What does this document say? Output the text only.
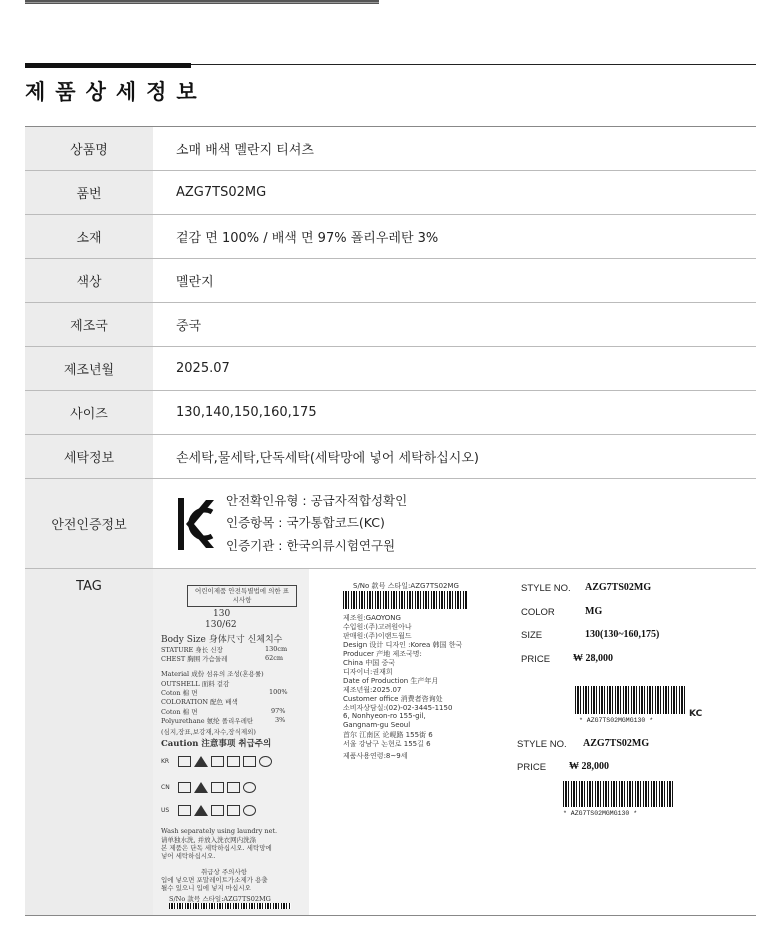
제품상세정보
상품명	소매 배색 멜란지 티셔츠
품번	AZG7TS02MG
소재	겉감 면 100% / 배색 면 97% 폴리우레탄 3%
색상	멜란지
제조국	중국
제조년월	2025.07
사이즈	130,140,150,160,175
세탁정보	손세탁,물세탁,단독세탁(세탁망에 넣어 세탁하십시오)
안전인증정보
안전확인유형 : 공급자적합성확인
인증항목 : 국가통합코드(KC)
인증기관 : 한국의류시험연구원
TAG	어린이제품 안전특별법에 의한 표시사항
130
130/62
Body Size 身体尺寸 신체치수
STATURE 身长 신장	130cm
CHEST 胸围 가슴둘레	62cm
Material 成份 섬유의 조성(혼용률)
OUTSHELL 面料 겉감
Coton 棉 면	100%
COLORATION 配色 배색
Coton 棉 면	97%
Polyurethane 氨纶 폴리우레탄	3%
(심지,장표,보강재,자수,장식제외)
Caution 注意事项 취급주의
KR
CN
US
Wash separately using laundry net.
请单独水洗, 并放入洗衣网内洗涤
본 제품은 단독 세탁하십시오. 세탁망에
넣어 세탁하십시오.
취급상 주의사항
입에 넣으면 포말레이트가소제가 용출
될수 있으니 입에 넣지 마십시오
S/No 款号 스타일:AZG7TS02MG
S/No 款号 스타일:AZG7TS02MG
제조원:GAOYONG
수입원:(주)고려원아나
판매원:(주)이랜드월드
Design 设计 디자인 :Korea 韩国 한국
Producer 产地 제조국명:
China 中国 중국
디자이너:권재희
Date of Production 生产年月
제조년월:2025.07
Customer office 消费者咨询处
소비자상담실:(02)-02-3445-1150
6, Nonhyeon-ro 155-gil,
Gangnam-gu Seoul
首尔 江南区 论岘路 155街 6
서울 강남구 논현로 155길 6
제품사용연령:8~9세
STYLE NO. AZG7TS02MG
COLOR	MG
SIZE	130(130~160,175)
PRICE ₩ 28,000
* AZG7TS02MGMG130 *
KC
STYLE NO. AZG7TS02MG
PRICE ₩ 28,000
* AZG7TS02MGMG130 *
